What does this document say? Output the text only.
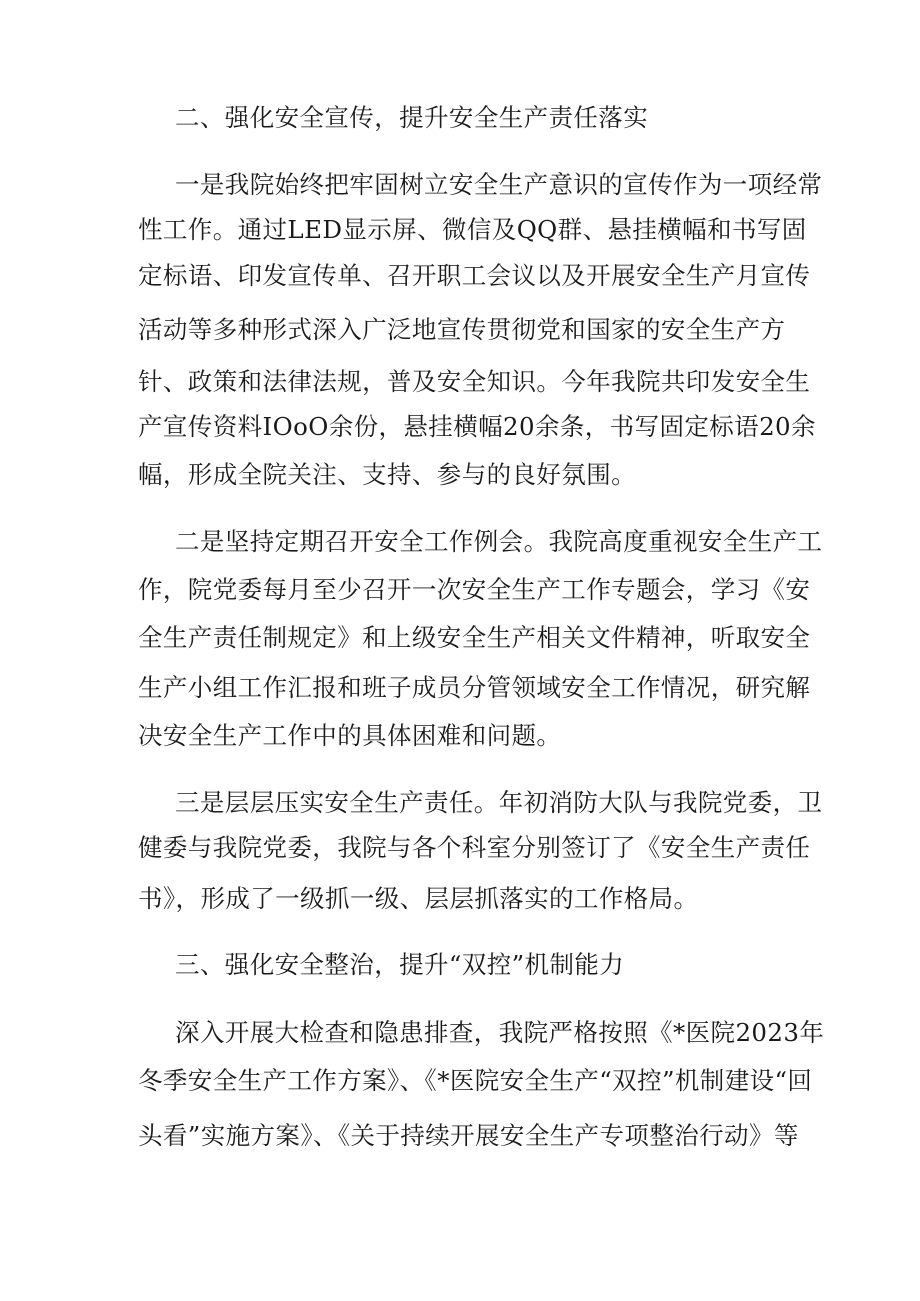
二、强化安全宣传，提升安全生产责任落实
一是我院始终把牢固树立安全生产意识的宣传作为一项经常
性工作。通过LED显示屏、微信及QQ群、悬挂横幅和书写固
定标语、印发宣传单、召开职工会议以及开展安全生产月宣传
活动等多种形式深入广泛地宣传贯彻党和国家的安全生产方
针、政策和法律法规，普及安全知识。今年我院共印发安全生
产宣传资料IOoO余份，悬挂横幅20余条，书写固定标语20余
幅，形成全院关注、支持、参与的良好氛围。
二是坚持定期召开安全工作例会。我院高度重视安全生产工
作，院党委每月至少召开一次安全生产工作专题会，学习《安
全生产责任制规定》和上级安全生产相关文件精神，听取安全
生产小组工作汇报和班子成员分管领域安全工作情况，研究解
决安全生产工作中的具体困难和问题。
三是层层压实安全生产责任。年初消防大队与我院党委，卫
健委与我院党委，我院与各个科室分别签订了《安全生产责任
书》，形成了一级抓一级、层层抓落实的工作格局。
三、强化安全整治，提升“双控”机制能力
深入开展大检查和隐患排查，我院严格按照《*医院2023年
冬季安全生产工作方案》、《*医院安全生产“双控”机制建设“回
头看”实施方案》、《关于持续开展安全生产专项整治行动》等
